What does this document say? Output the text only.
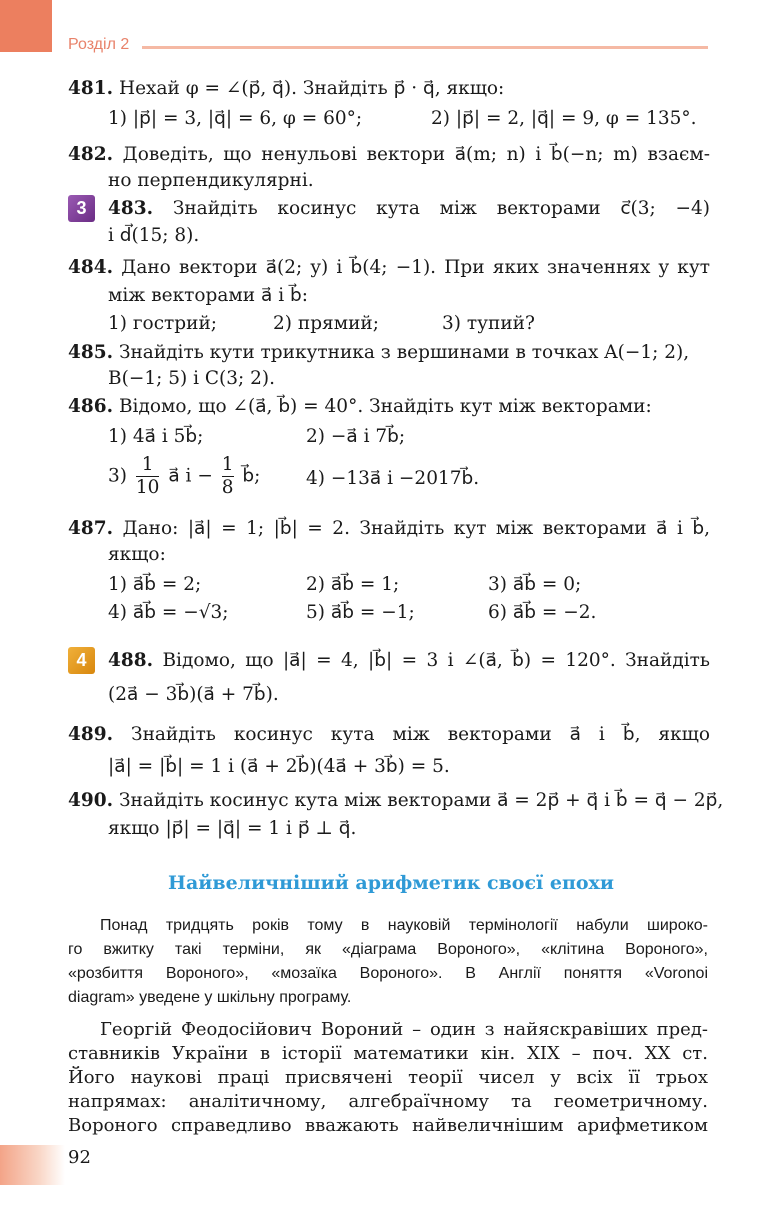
Розділ 2
481. Нехай φ = ∠(p⃗, q⃗). Знайдіть p⃗ · q⃗, якщо:
1) |p⃗| = 3, |q⃗| = 6, φ = 60°;	2) |p⃗| = 2, |q⃗| = 9, φ = 135°.
482. Доведіть, що ненульові вектори a⃗(m; n) і b⃗(−n; m) взаєм-
но перпендикулярні.
3	483. Знайдіть косинус кута між векторами c⃗(3; −4)
і d⃗(15; 8).
484. Дано вектори a⃗(2; y) і b⃗(4; −1). При яких значеннях y кут
між векторами a⃗ і b⃗:
1) гострий;	2) прямий;	3) тупий?
485. Знайдіть кути трикутника з вершинами в точках A(−1; 2),
B(−1; 5) і C(3; 2).
486. Відомо, що ∠(a⃗, b⃗) = 40°. Знайдіть кут між векторами:
1) 4a⃗ і 5b⃗;	2) −a⃗ і 7b⃗;
$3) \frac{1}{10}$ a⃗ $і - \frac{1}{8}$ b⃗; 4) −13a⃗ і −2017b⃗.
487. Дано: |a⃗| = 1; |b⃗| = 2. Знайдіть кут між векторами a⃗ і b⃗,
якщо:
1) a⃗b⃗ = 2;	2) a⃗b⃗ = 1;	3) a⃗b⃗ = 0;
4) a⃗b⃗ = −√3;	5) a⃗b⃗ = −1;	6) a⃗b⃗ = −2.
4	488. Відомо, що |a⃗| = 4, |b⃗| = 3 і ∠(a⃗, b⃗) = 120°. Знайдіть
(2a⃗ − 3b⃗)(a⃗ + 7b⃗).
489. Знайдіть косинус кута між векторами a⃗ і b⃗, якщо
|a⃗| = |b⃗| = 1 і (a⃗ + 2b⃗)(4a⃗ + 3b⃗) = 5.
490. Знайдіть косинус кута між векторами a⃗ = 2p⃗ + q⃗ і b⃗ = q⃗ − 2p⃗,
якщо |p⃗| = |q⃗| = 1 і p⃗ ⊥ q⃗.
Найвеличніший арифметик своєї епохи
Понад тридцять років тому в науковій термінології набули широко-
го вжитку такі терміни, як «діаграма Вороного», «клітина Вороного»,
«розбиття Вороного», «мозаїка Вороного». В Англії поняття «Voronoi
diagram» уведене у шкільну програму.
Георгій Феодосійович Вороний – один з найяскравіших пред-
ставників України в історії математики кін. XIX – поч. XX ст.
Його наукові праці присвячені теорії чисел у всіх її трьох
напрямах: аналітичному, алгебраїчному та геометричному.
Вороного справедливо вважають найвеличнішим арифметиком
92
